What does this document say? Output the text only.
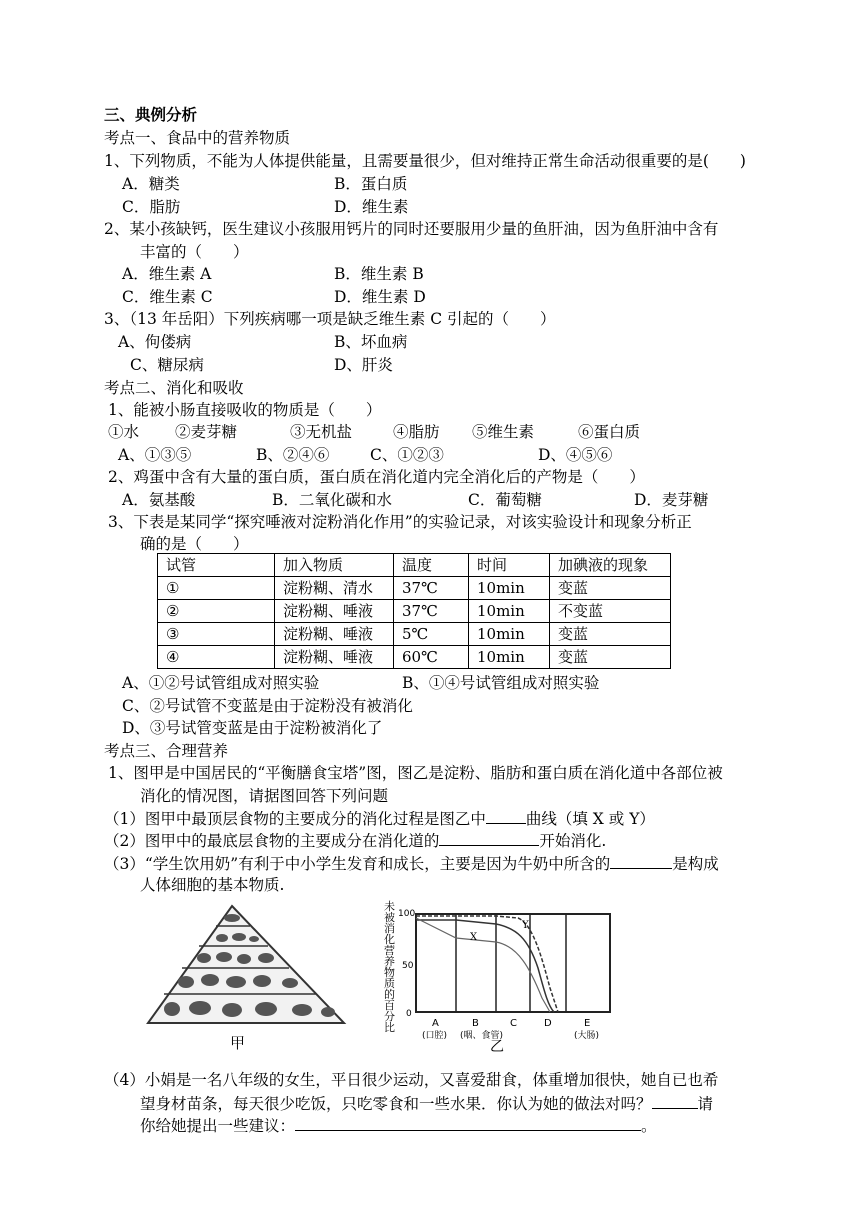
三、典例分析
考点一、食品中的营养物质
1、下列物质，不能为人体提供能量，且需要量很少，但对维持正常生命活动很重要的是(　　)
A．糖类	B．蛋白质
C．脂肪	D．维生素
2、某小孩缺钙，医生建议小孩服用钙片的同时还要服用少量的鱼肝油，因为鱼肝油中含有
丰富的（　　）
A．维生素 A	B．维生素 B
C．维生素 C	D．维生素 D
3、（13 年岳阳）下列疾病哪一项是缺乏维生素 C 引起的（　　）
A、佝偻病	B、坏血病
C、糖尿病	D、肝炎
考点二、消化和吸收
1、能被小肠直接吸收的物质是（　　）
①水 ②麦芽糖	③无机盐	④脂肪 ⑤维生素	⑥蛋白质
A、①③⑤	B、②④⑥	C、①②③	D、④⑤⑥
2、鸡蛋中含有大量的蛋白质，蛋白质在消化道内完全消化后的产物是（　　）
A．氨基酸	B．二氧化碳和水	C．葡萄糖	D．麦芽糖
3、下表是某同学“探究唾液对淀粉消化作用”的实验记录，对该实验设计和现象分析正
确的是（　　）
试管	加入物质	温度	时间	加碘液的现象
①	淀粉糊、清水	37℃	10min	变蓝
②	淀粉糊、唾液	37℃	10min	不变蓝
③	淀粉糊、唾液	5℃	10min	变蓝
④	淀粉糊、唾液	60℃	10min	变蓝
A、①②号试管组成对照实验	B、①④号试管组成对照实验
C、②号试管不变蓝是由于淀粉没有被消化
D、③号试管变蓝是由于淀粉被消化了
考点三、合理营养
1、图甲是中国居民的“平衡膳食宝塔”图，图乙是淀粉、脂肪和蛋白质在消化道中各部位被
消化的情况图，请据图回答下列问题
（1）图甲中最顶层食物的主要成分的消化过程是图乙中	曲线（填 X 或 Y）
（2）图甲中的最底层食物的主要成分在消化道的	开始消化.
（3）“学生饮用奶”有利于中小学生发育和成长，主要是因为牛奶中所含的	是构成
人体细胞的基本物质.
甲
未被消化营养物质的百分比
100
50
0
X
Y
A	B	C	D	E
(口腔) (咽、食管)	(大肠)
乙
（4）小娟是一名八年级的女生，平日很少运动，又喜爱甜食，体重增加很快，她自已也希
望身材苗条，每天很少吃饭，只吃零食和一些水果．你认为她的做法对吗？	请
你给她提出一些建议：	。
